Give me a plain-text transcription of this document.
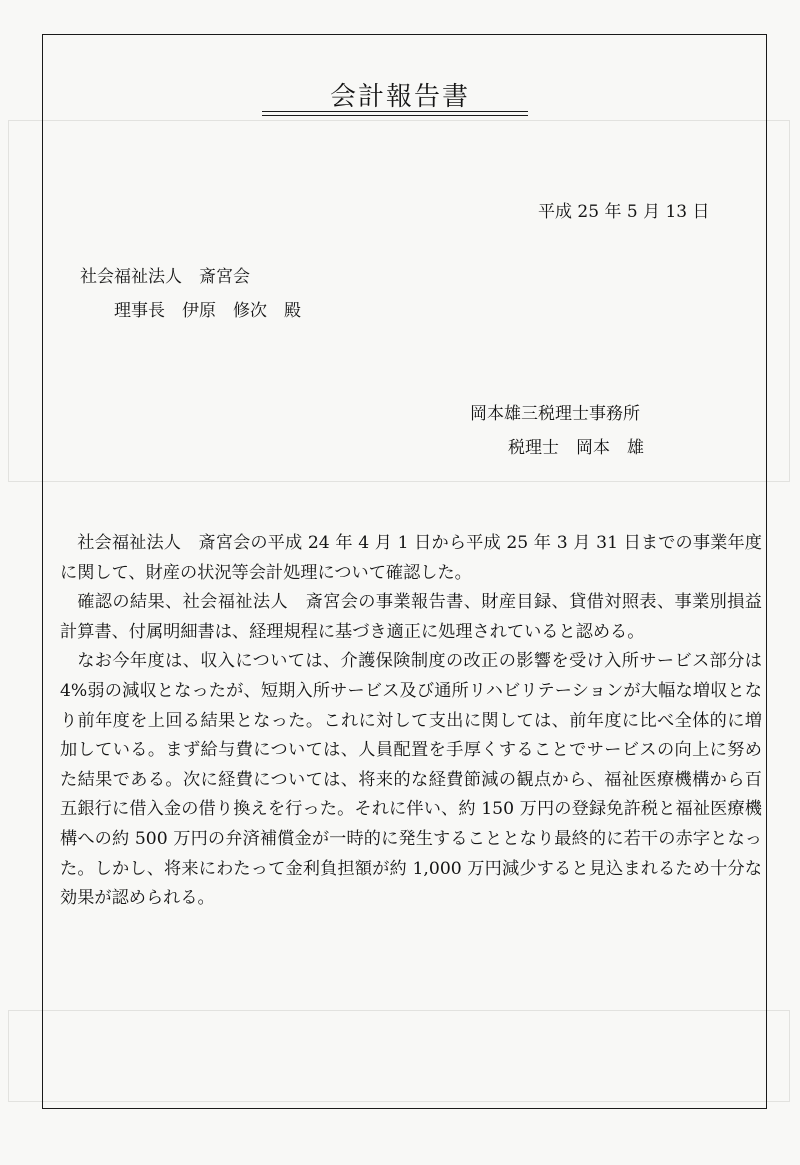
会計報告書
平成 25 年 5 月 13 日
社会福祉法人　斎宮会
理事長　伊原　修次　殿
岡本雄三税理士事務所
税理士　岡本　雄

社会福祉法人　斎宮会の平成 24 年 4 月 1 日から平成 25 年 3 月 31 日までの事業年度に関して、財産の状況等会計処理について確認した。

確認の結果、社会福祉法人　斎宮会の事業報告書、財産目録、貸借対照表、事業別損益計算書、付属明細書は、経理規程に基づき適正に処理されていると認める。

なお今年度は、収入については、介護保険制度の改正の影響を受け入所サービス部分は 4%弱の減収となったが、短期入所サービス及び通所リハビリテーションが大幅な増収となり前年度を上回る結果となった。これに対して支出に関しては、前年度に比べ全体的に増加している。まず給与費については、人員配置を手厚くすることでサービスの向上に努めた結果である。次に経費については、将来的な経費節減の観点から、福祉医療機構から百五銀行に借入金の借り換えを行った。それに伴い、約 150 万円の登録免許税と福祉医療機構への約 500 万円の弁済補償金が一時的に発生することとなり最終的に若干の赤字となった。しかし、将来にわたって金利負担額が約 1,000 万円減少すると見込まれるため十分な効果が認められる。
